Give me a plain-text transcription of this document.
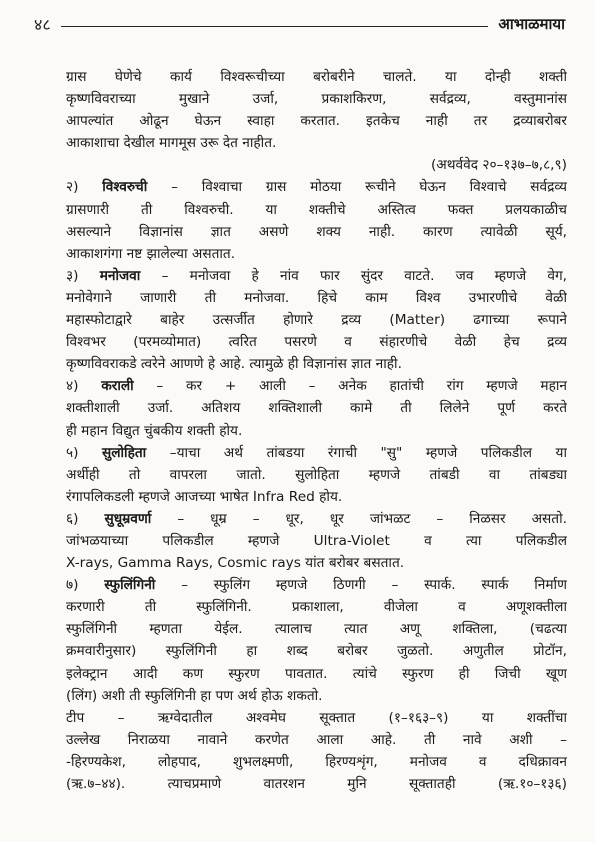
४८	आभाळमाया
ग्रास घेणेचे कार्य विश्वरूचीच्या बरोबरीने चालते. या दोन्ही शक्ती
कृष्णविवराच्या मुखाने उर्जा, प्रकाशकिरण, सर्वद्रव्य, वस्तुमानांस
आपल्यांत ओढून घेऊन स्वाहा करतात. इतकेच नाही तर द्रव्याबरोबर
आकाशाचा देखील मागमूस उरू देत नाहीत.
(अथर्ववेद २०–१३७–७,८,९)
२) विश्वरुची – विश्वाचा ग्रास मोठया रूचीने घेऊन विश्वाचे सर्वद्रव्य
ग्रासणारी ती विश्वरुची. या शक्तीचे अस्तित्व फक्त प्रलयकाळीच
असल्याने विज्ञानांस ज्ञात असणे शक्य नाही. कारण त्यावेळी सूर्य,
आकाशगंगा नष्ट झालेल्या असतात.
३) मनोजवा – मनोजवा हे नांव फार सुंदर वाटते. जव म्हणजे वेग,
मनोवेगाने जाणारी ती मनोजवा. हिचे काम विश्व उभारणीचे वेळी
महास्फोटाद्वारे बाहेर उत्सर्जीत होणारे द्रव्य (Matter) ढगाच्या रूपाने
विश्वभर (परमव्योमात) त्वरित पसरणे व संहारणीचे वेळी हेच द्रव्य
कृष्णविवराकडे त्वरेने आणणे हे आहे. त्यामुळे ही विज्ञानांस ज्ञात नाही.
४) कराली – कर + आली – अनेक हातांची रांग म्हणजे महान
शक्तीशाली उर्जा. अतिशय शक्तिशाली कामे ती लिलेने पूर्ण करते
ही महान विद्युत चुंबकीय शक्ती होय.
५) सुलोहिता –याचा अर्थ तांबडया रंगाची "सु" म्हणजे पलिकडील या
अर्थीही तो वापरला जातो. सुलोहिता म्हणजे तांबडी वा तांबड्या
रंगापलिकडली म्हणजे आजच्या भाषेत Infra Red होय.
६) सुधूम्रवर्णा – धूम्र – धूर, धूर जांभळट – निळसर असतो.
जांभळयाच्या पलिकडील म्हणजे Ultra-Violet व त्या पलिकडील
X-rays, Gamma Rays, Cosmic rays यांत बरोबर बसतात.
७) स्फुलिंगिनी – स्फुलिंग म्हणजे ठिणगी – स्पार्क. स्पार्क निर्माण
करणारी ती स्फुलिंगिनी. प्रकाशाला, वीजेला व अणूशक्तीला
स्फुलिंगिनी म्हणता येईल. त्यालाच त्यात अणू शक्तिला, (चढत्या
क्रमवारीनुसार) स्फुलिंगिनी हा शब्द बरोबर जुळतो. अणुतील प्रोटॉन,
इलेक्ट्रान आदी कण स्फुरण पावतात. त्यांचे स्फुरण ही जिची खूण
(लिंग) अशी ती स्फुलिंगिनी हा पण अर्थ होऊ शकतो.
टीप – ऋग्वेदातील अश्वमेघ सूक्तात (१–१६३–९) या शक्तींचा
उल्लेख निराळया नावाने करणेत आला आहे. ती नावे अशी –
-हिरण्यकेश, लोहपाद, शुभलक्ष्मणी, हिरण्यशृंग, मनोजव व दधिक्रावन
(ऋ.७–४४). त्याचप्रमाणे वातरशन मुनि सूक्तातही (ऋ.१०–१३६)
